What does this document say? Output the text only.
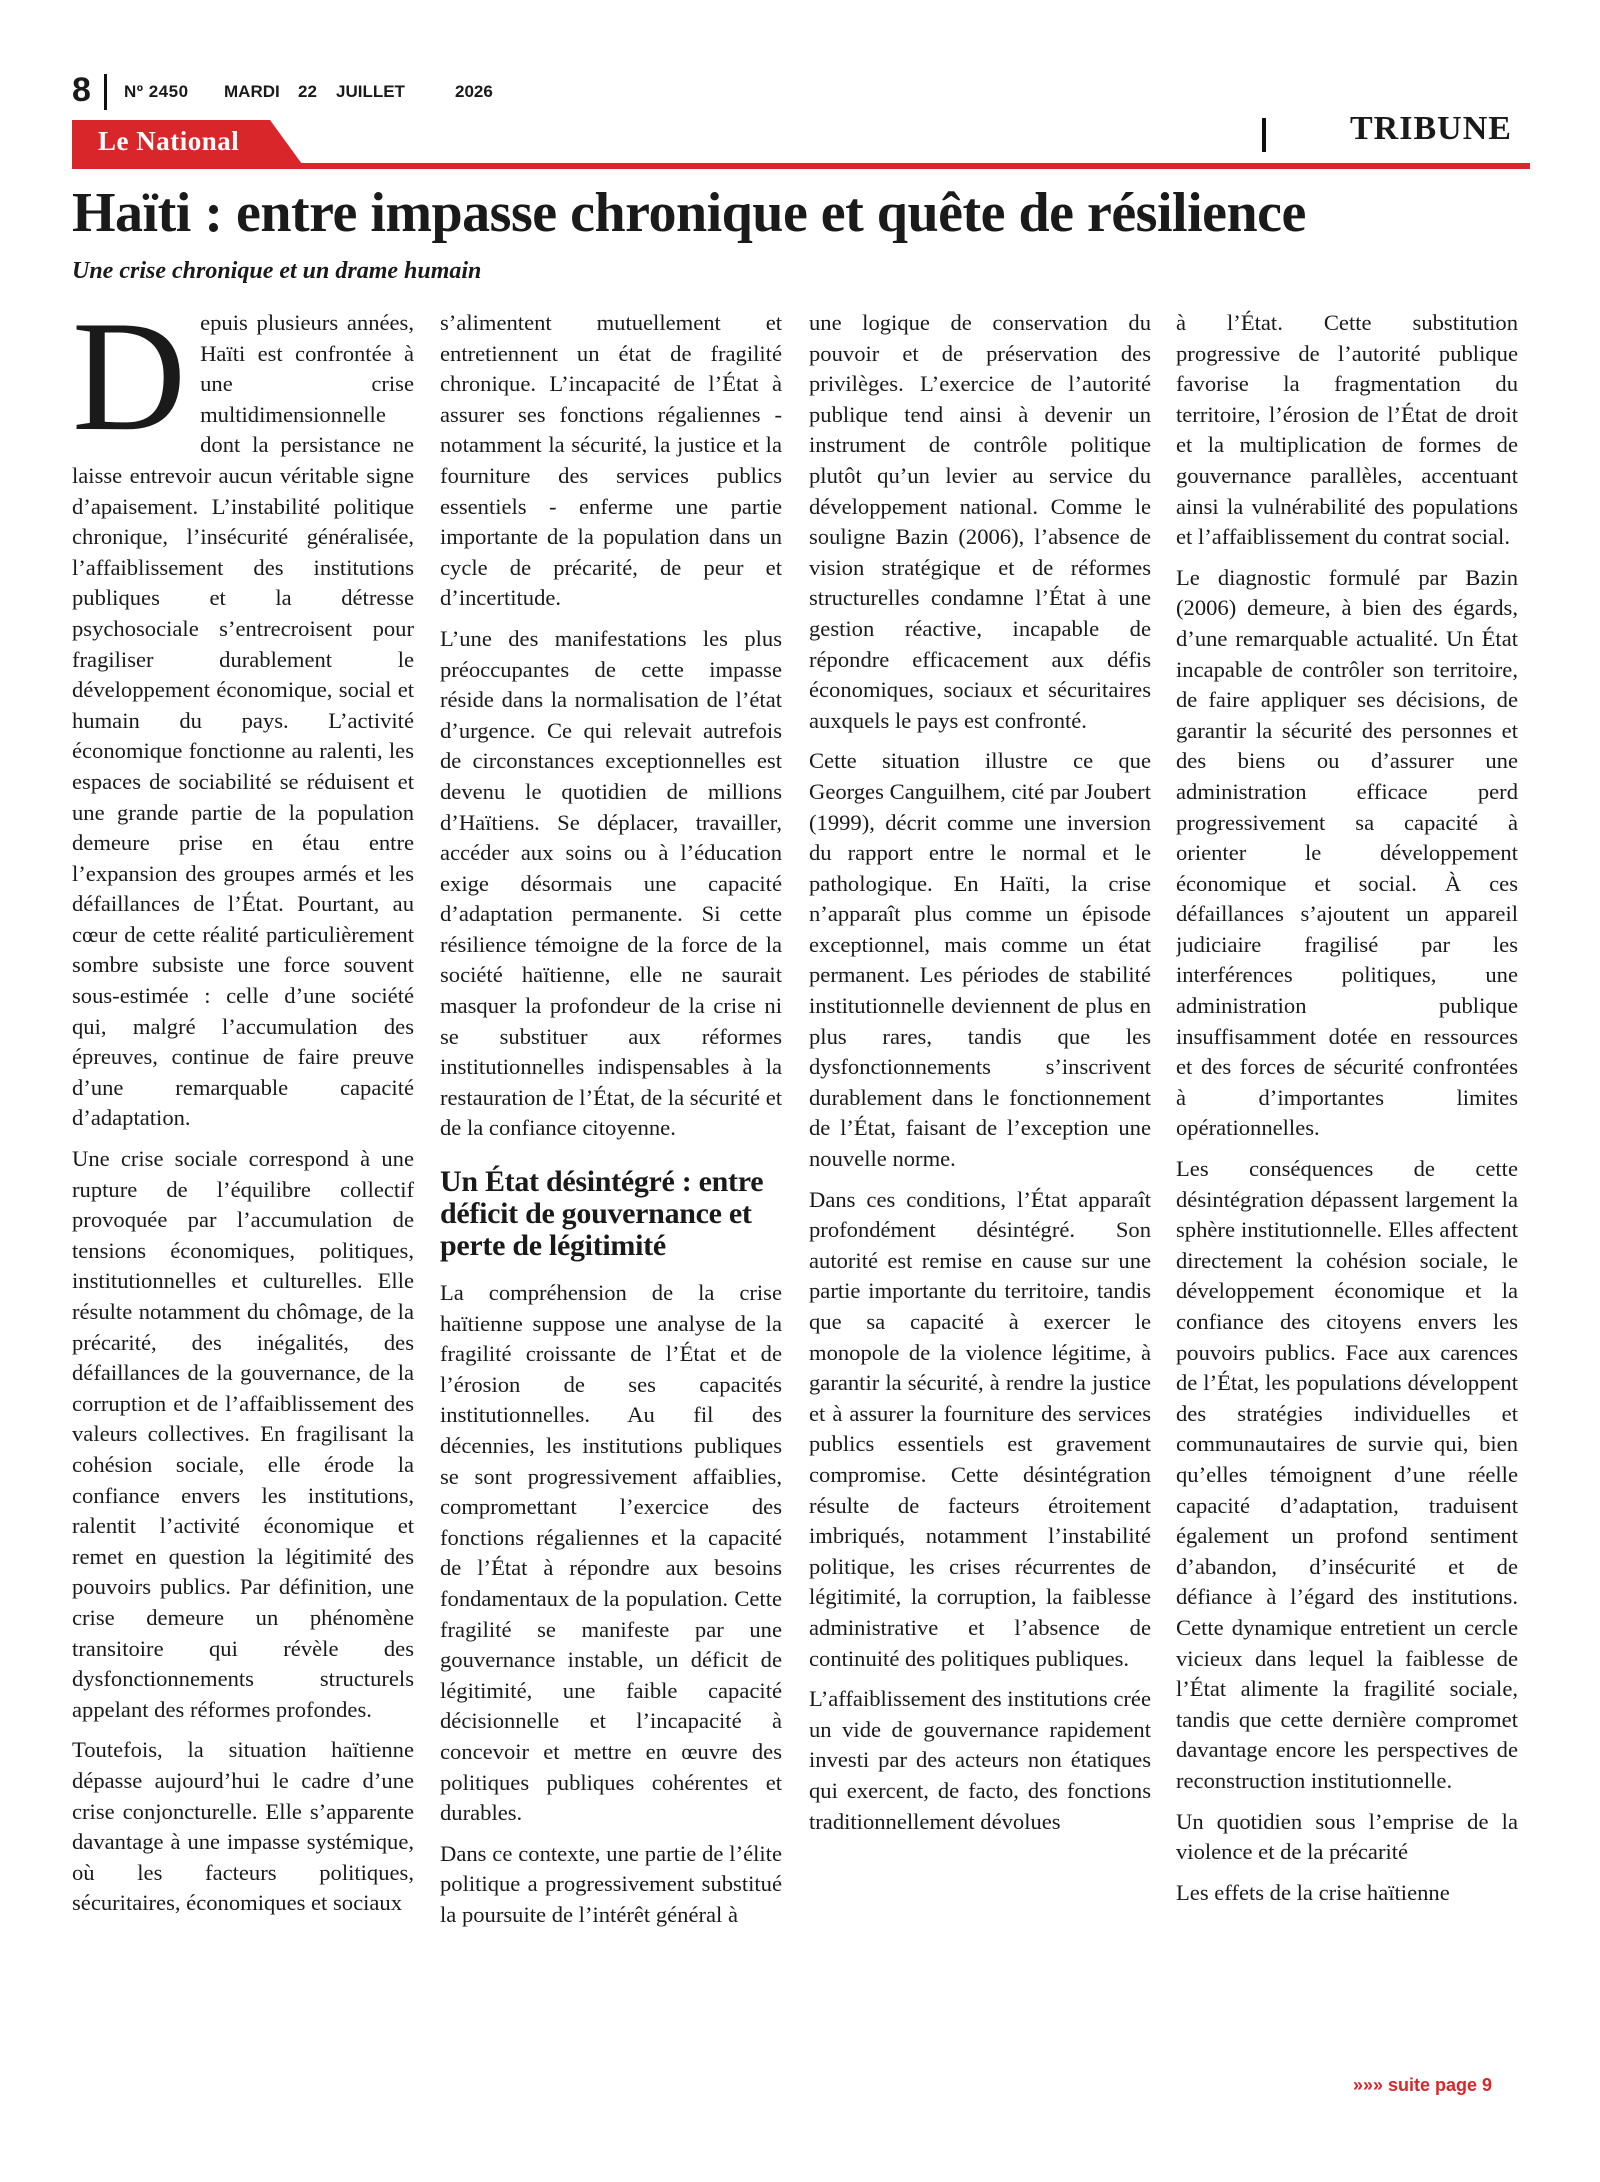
8 Nº 2450 MARDI 22 JUILLET	2026
Le National	TRIBUNE
Haïti : entre impasse chronique et quête de résilience
Une crise chronique et un drame humain

Depuis plusieurs années, Haïti est confrontée à une crise multidimensionnelle dont la persistance ne laisse entrevoir aucun véritable signe d’apaisement. L’instabilité politique chronique, l’insécurité généralisée, l’affaiblissement des institutions publiques et la détresse psychosociale s’entrecroisent pour fragiliser durablement le développement économique, social et humain du pays. L’activité économique fonctionne au ralenti, les espaces de sociabilité se réduisent et une grande partie de la population demeure prise en étau entre l’expansion des groupes armés et les défaillances de l’État. Pourtant, au cœur de cette réalité particulièrement sombre subsiste une force souvent sous-estimée : celle d’une société qui, malgré l’accumulation des épreuves, continue de faire preuve d’une remarquable capacité d’adaptation.

Une crise sociale correspond à une rupture de l’équilibre collectif provoquée par l’accumulation de tensions économiques, politiques, institutionnelles et culturelles. Elle résulte notamment du chômage, de la précarité, des inégalités, des défaillances de la gouvernance, de la corruption et de l’affaiblissement des valeurs collectives. En fragilisant la cohésion sociale, elle érode la confiance envers les institutions, ralentit l’activité économique et remet en question la légitimité des pouvoirs publics. Par définition, une crise demeure un phénomène transitoire qui révèle des dysfonctionnements structurels appelant des réformes profondes.

Toutefois, la situation haïtienne dépasse aujourd’hui le cadre d’une crise conjoncturelle. Elle s’apparente davantage à une impasse systémique, où les facteurs politiques, sécuritaires, économiques et sociaux

s’alimentent mutuellement et entretiennent un état de fragilité chronique. L’incapacité de l’État à assurer ses fonctions régaliennes - notamment la sécurité, la justice et la fourniture des services publics essentiels - enferme une partie importante de la population dans un cycle de précarité, de peur et d’incertitude.

L’une des manifestations les plus préoccupantes de cette impasse réside dans la normalisation de l’état d’urgence. Ce qui relevait autrefois de circonstances exceptionnelles est devenu le quotidien de millions d’Haïtiens. Se déplacer, travailler, accéder aux soins ou à l’éducation exige désormais une capacité d’adaptation permanente. Si cette résilience témoigne de la force de la société haïtienne, elle ne saurait masquer la profondeur de la crise ni se substituer aux réformes institutionnelles indispensables à la restauration de l’État, de la sécurité et de la confiance citoyenne.

Un État désintégré : entre déficit de gouvernance et perte de légitimité

La compréhension de la crise haïtienne suppose une analyse de la fragilité croissante de l’État et de l’érosion de ses capacités institutionnelles. Au fil des décennies, les institutions publiques se sont progressivement affaiblies, compromettant l’exercice des fonctions régaliennes et la capacité de l’État à répondre aux besoins fondamentaux de la population. Cette fragilité se manifeste par une gouvernance instable, un déficit de légitimité, une faible capacité décisionnelle et l’incapacité à concevoir et mettre en œuvre des politiques publiques cohérentes et durables.

Dans ce contexte, une partie de l’élite politique a progressivement substitué la poursuite de l’intérêt général à

une logique de conservation du pouvoir et de préservation des privilèges. L’exercice de l’autorité publique tend ainsi à devenir un instrument de contrôle politique plutôt qu’un levier au service du développement national. Comme le souligne Bazin (2006), l’absence de vision stratégique et de réformes structurelles condamne l’État à une gestion réactive, incapable de répondre efficacement aux défis économiques, sociaux et sécuritaires auxquels le pays est confronté.

Cette situation illustre ce que Georges Canguilhem, cité par Joubert (1999), décrit comme une inversion du rapport entre le normal et le pathologique. En Haïti, la crise n’apparaît plus comme un épisode exceptionnel, mais comme un état permanent. Les périodes de stabilité institutionnelle deviennent de plus en plus rares, tandis que les dysfonctionnements s’inscrivent durablement dans le fonctionnement de l’État, faisant de l’exception une nouvelle norme.

Dans ces conditions, l’État apparaît profondément désintégré. Son autorité est remise en cause sur une partie importante du territoire, tandis que sa capacité à exercer le monopole de la violence légitime, à garantir la sécurité, à rendre la justice et à assurer la fourniture des services publics essentiels est gravement compromise. Cette désintégration résulte de facteurs étroitement imbriqués, notamment l’instabilité politique, les crises récurrentes de légitimité, la corruption, la faiblesse administrative et l’absence de continuité des politiques publiques.

L’affaiblissement des institutions crée un vide de gouvernance rapidement investi par des acteurs non étatiques qui exercent, de facto, des fonctions traditionnellement dévolues

à l’État. Cette substitution progressive de l’autorité publique favorise la fragmentation du territoire, l’érosion de l’État de droit et la multiplication de formes de gouvernance parallèles, accentuant ainsi la vulnérabilité des populations et l’affaiblissement du contrat social.

Le diagnostic formulé par Bazin (2006) demeure, à bien des égards, d’une remarquable actualité. Un État incapable de contrôler son territoire, de faire appliquer ses décisions, de garantir la sécurité des personnes et des biens ou d’assurer une administration efficace perd progressivement sa capacité à orienter le développement économique et social. À ces défaillances s’ajoutent un appareil judiciaire fragilisé par les interférences politiques, une administration publique insuffisamment dotée en ressources et des forces de sécurité confrontées à d’importantes limites opérationnelles.

Les conséquences de cette désintégration dépassent largement la sphère institutionnelle. Elles affectent directement la cohésion sociale, le développement économique et la confiance des citoyens envers les pouvoirs publics. Face aux carences de l’État, les populations développent des stratégies individuelles et communautaires de survie qui, bien qu’elles témoignent d’une réelle capacité d’adaptation, traduisent également un profond sentiment d’abandon, d’insécurité et de défiance à l’égard des institutions. Cette dynamique entretient un cercle vicieux dans lequel la faiblesse de l’État alimente la fragilité sociale, tandis que cette dernière compromet davantage encore les perspectives de reconstruction institutionnelle.

Un quotidien sous l’emprise de la violence et de la précarité

Les effets de la crise haïtienne

»»» suite page 9
